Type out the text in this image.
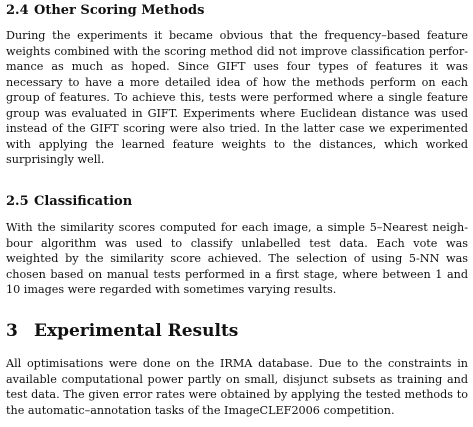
2.4 Other Scoring Methods

During the experiments it became obvious that the frequency–based feature weights combined with the scoring method did not improve classification performance as much as hoped. Since GIFT uses four types of features it was necessary to have a more detailed idea of how the methods perform on each group of features. To achieve this, tests were performed where a single feature group was evaluated in GIFT. Experiments where Euclidean distance was used instead of the GIFT scoring were also tried. In the latter case we experimented with applying the learned feature weights to the distances, which worked surprisingly well.

2.5 Classification

With the similarity scores computed for each image, a simple 5–Nearest neighbour algorithm was used to classify unlabelled test data. Each vote was weighted by the similarity score achieved. The selection of using 5-NN was chosen based on manual tests performed in a first stage, where between 1 and 10 images were regarded with sometimes varying results.

3 Experimental Results

All optimisations were done on the IRMA database. Due to the constraints in available computational power partly on small, disjunct subsets as training and test data. The given error rates were obtained by applying the tested methods to the automatic–annotation tasks of the ImageCLEF2006 competition.
